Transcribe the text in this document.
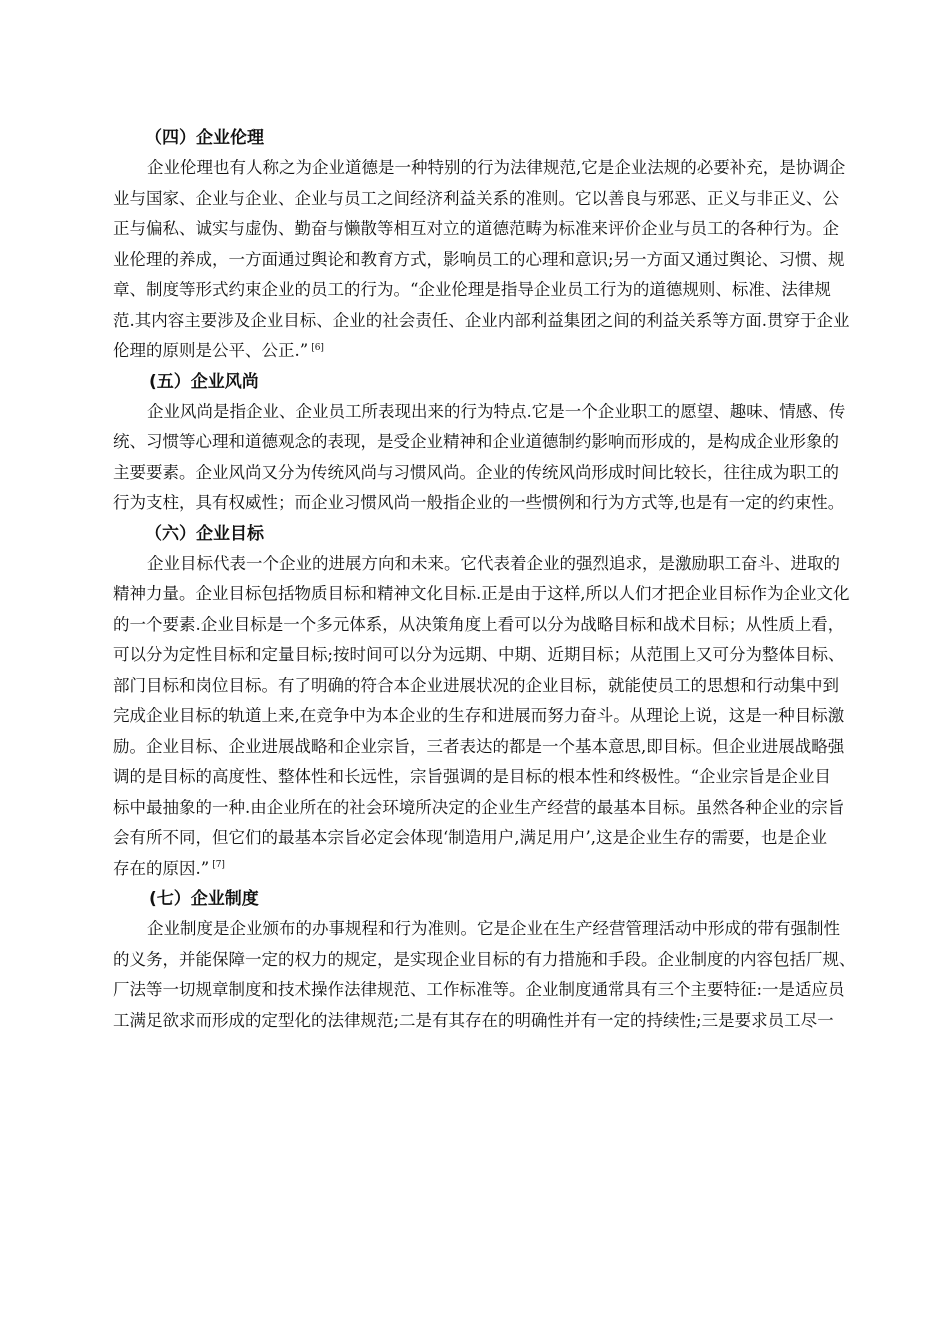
（四）企业伦理
企业伦理也有人称之为企业道德是一种特别的行为法律规范,它是企业法规的必要补充，是协调企
业与国家、企业与企业、企业与员工之间经济利益关系的准则。它以善良与邪恶、正义与非正义、公
正与偏私、诚实与虚伪、勤奋与懒散等相互对立的道德范畴为标准来评价企业与员工的各种行为。企
业伦理的养成，一方面通过舆论和教育方式，影响员工的心理和意识;另一方面又通过舆论、习惯、规
章、制度等形式约束企业的员工的行为。“企业伦理是指导企业员工行为的道德规则、标准、法律规
范.其内容主要涉及企业目标、企业的社会责任、企业内部利益集团之间的利益关系等方面.贯穿于企业
伦理的原则是公平、公正.” [6]
(五）企业风尚
企业风尚是指企业、企业员工所表现出来的行为特点.它是一个企业职工的愿望、趣味、情感、传
统、习惯等心理和道德观念的表现，是受企业精神和企业道德制约影响而形成的，是构成企业形象的
主要要素。企业风尚又分为传统风尚与习惯风尚。企业的传统风尚形成时间比较长，往往成为职工的
行为支柱，具有权威性；而企业习惯风尚一般指企业的一些惯例和行为方式等,也是有一定的约束性。
（六）企业目标
企业目标代表一个企业的进展方向和未来。它代表着企业的强烈追求，是激励职工奋斗、进取的
精神力量。企业目标包括物质目标和精神文化目标.正是由于这样,所以人们才把企业目标作为企业文化
的一个要素.企业目标是一个多元体系，从决策角度上看可以分为战略目标和战术目标；从性质上看，
可以分为定性目标和定量目标;按时间可以分为远期、中期、近期目标；从范围上又可分为整体目标、
部门目标和岗位目标。有了明确的符合本企业进展状况的企业目标，就能使员工的思想和行动集中到
完成企业目标的轨道上来,在竞争中为本企业的生存和进展而努力奋斗。从理论上说，这是一种目标激
励。企业目标、企业进展战略和企业宗旨，三者表达的都是一个基本意思,即目标。但企业进展战略强
调的是目标的高度性、整体性和长远性，宗旨强调的是目标的根本性和终极性。“企业宗旨是企业目
标中最抽象的一种.由企业所在的社会环境所决定的企业生产经营的最基本目标。虽然各种企业的宗旨
会有所不同，但它们的最基本宗旨必定会体现‘制造用户,满足用户’,这是企业生存的需要，也是企业
存在的原因.” [7]
(七）企业制度
企业制度是企业颁布的办事规程和行为准则。它是企业在生产经营管理活动中形成的带有强制性
的义务，并能保障一定的权力的规定，是实现企业目标的有力措施和手段。企业制度的内容包括厂规、
厂法等一切规章制度和技术操作法律规范、工作标准等。企业制度通常具有三个主要特征:一是适应员
工满足欲求而形成的定型化的法律规范;二是有其存在的明确性并有一定的持续性;三是要求员工尽一
